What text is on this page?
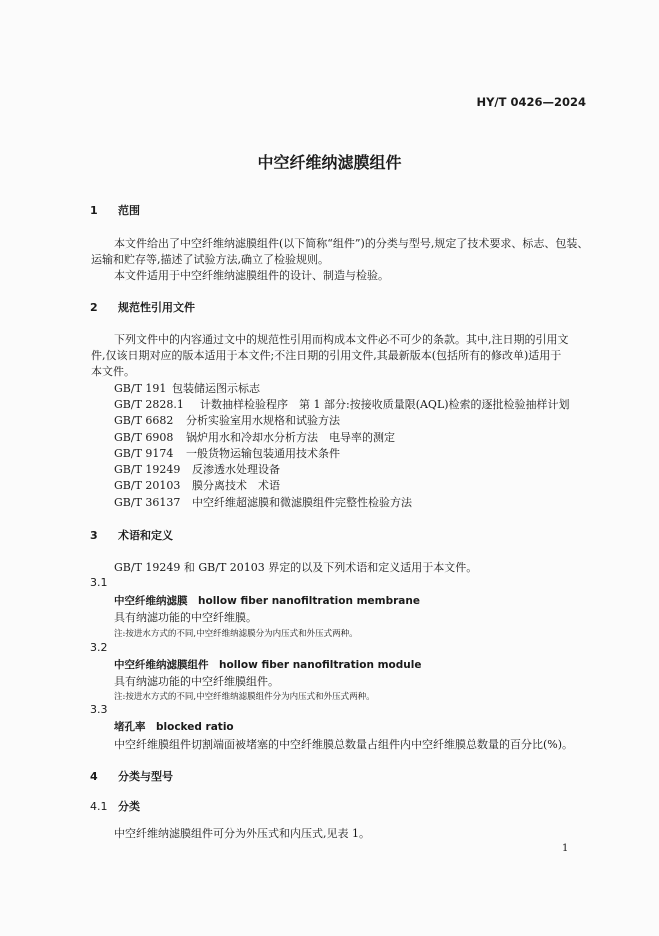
HY/T 0426—2024
中空纤维纳滤膜组件
1 范围
本文件给出了中空纤维纳滤膜组件(以下简称“组件”)的分类与型号,规定了技术要求、标志、包装、
运输和贮存等,描述了试验方法,确立了检验规则。
本文件适用于中空纤维纳滤膜组件的设计、制造与检验。
2 规范性引用文件
下列文件中的内容通过文中的规范性引用而构成本文件必不可少的条款。其中,注日期的引用文
件,仅该日期对应的版本适用于本文件;不注日期的引用文件,其最新版本(包括所有的修改单)适用于
本文件。
GB/T 191 包装储运图示标志
GB/T 2828.1 计数抽样检验程序　第 1 部分:按接收质量限(AQL)检索的逐批检验抽样计划
GB/T 6682 分析实验室用水规格和试验方法
GB/T 6908 锅炉用水和冷却水分析方法　电导率的测定
GB/T 9174 一般货物运输包装通用技术条件
GB/T 19249 反渗透水处理设备
GB/T 20103 膜分离技术　术语
GB/T 36137 中空纤维超滤膜和微滤膜组件完整性检验方法
3 术语和定义
GB/T 19249 和 GB/T 20103 界定的以及下列术语和定义适用于本文件。
3.1
中空纤维纳滤膜　hollow fiber nanofiltration membrane
具有纳滤功能的中空纤维膜。
注:按进水方式的不同,中空纤维纳滤膜分为内压式和外压式两种。
3.2
中空纤维纳滤膜组件　hollow fiber nanofiltration module
具有纳滤功能的中空纤维膜组件。
注:按进水方式的不同,中空纤维纳滤膜组件分为内压式和外压式两种。
3.3
堵孔率　blocked ratio
中空纤维膜组件切割端面被堵塞的中空纤维膜总数量占组件内中空纤维膜总数量的百分比(%)。
4 分类与型号
4.1 分类
中空纤维纳滤膜组件可分为外压式和内压式,见表 1。
1
